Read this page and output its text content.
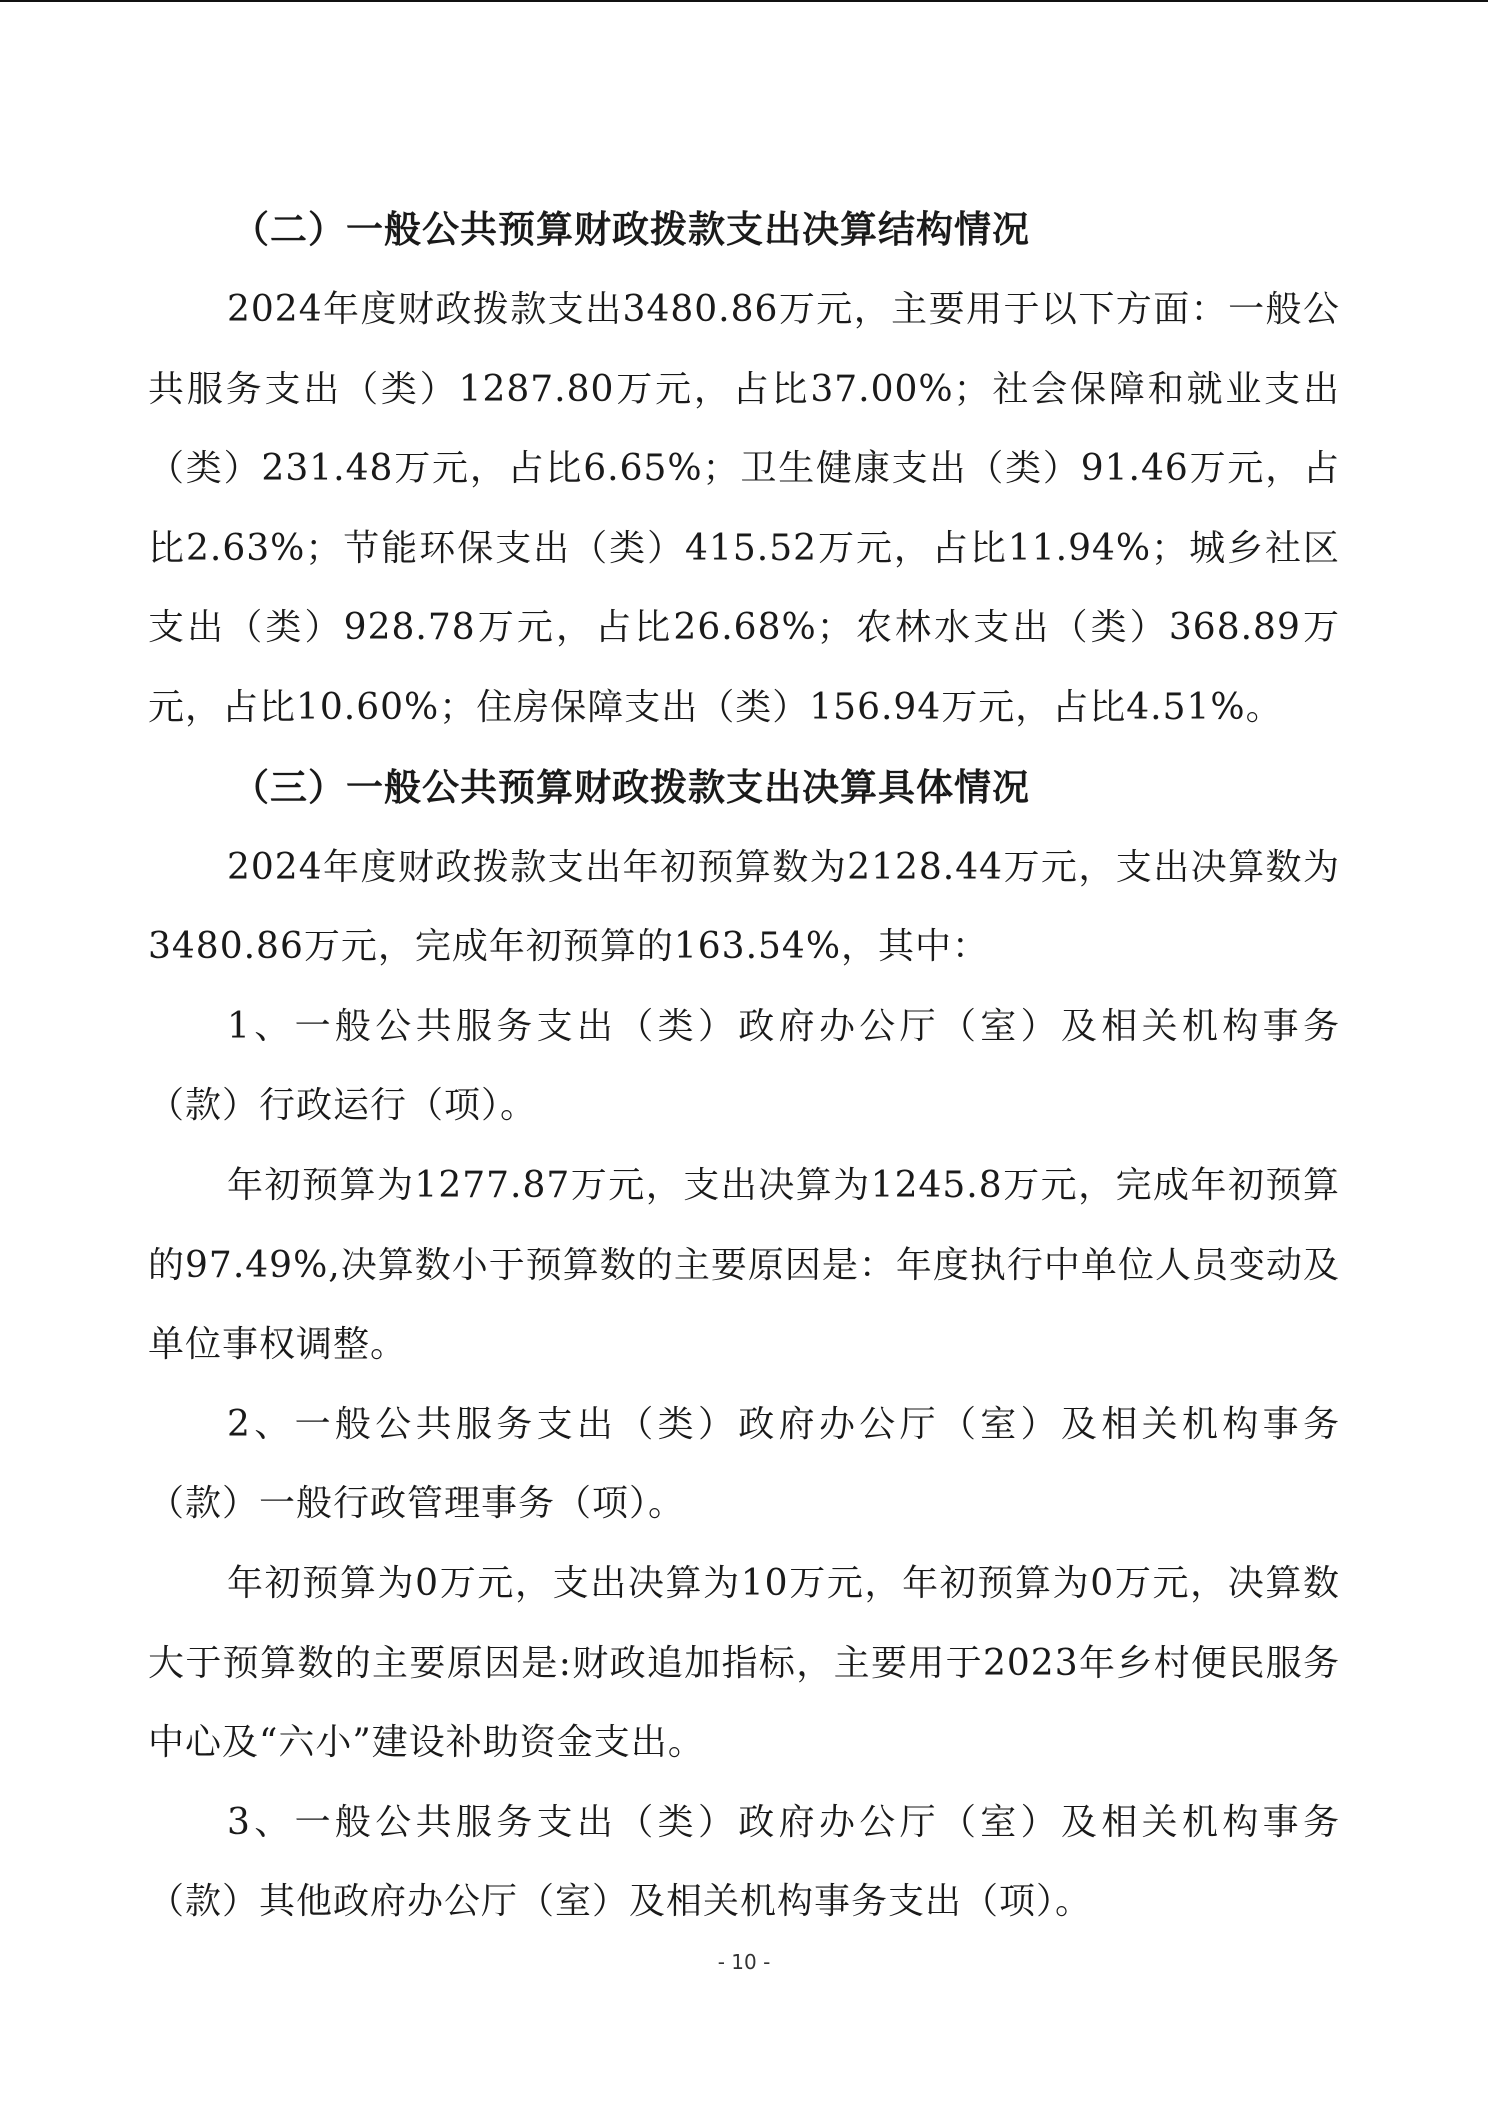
（二）一般公共预算财政拨款支出决算结构情况

2024年度财政拨款支出3480.86万元，主要用于以下方面：一般公共服务支出（类）1287.80万元，占比37.00%；社会保障和就业支出（类）231.48万元，占比6.65%；卫生健康支出（类）91.46万元，占比2.63%；节能环保支出（类）415.52万元，占比11.94%；城乡社区支出（类）928.78万元，占比26.68%；农林水支出（类）368.89万元，占比10.60%；住房保障支出（类）156.94万元，占比4.51%。

（三）一般公共预算财政拨款支出决算具体情况

2024年度财政拨款支出年初预算数为2128.44万元，支出决算数为3480.86万元，完成年初预算的163.54%，其中：

1、一般公共服务支出（类）政府办公厅（室）及相关机构事务（款）行政运行（项）。

年初预算为1277.87万元，支出决算为1245.8万元，完成年初预算的97.49%,决算数小于预算数的主要原因是：年度执行中单位人员变动及单位事权调整。

2、一般公共服务支出（类）政府办公厅（室）及相关机构事务（款）一般行政管理事务（项）。

年初预算为0万元，支出决算为10万元，年初预算为0万元，决算数大于预算数的主要原因是:财政追加指标，主要用于2023年乡村便民服务中心及“六小”建设补助资金支出。

3、一般公共服务支出（类）政府办公厅（室）及相关机构事务（款）其他政府办公厅（室）及相关机构事务支出（项）。

- 10 -
